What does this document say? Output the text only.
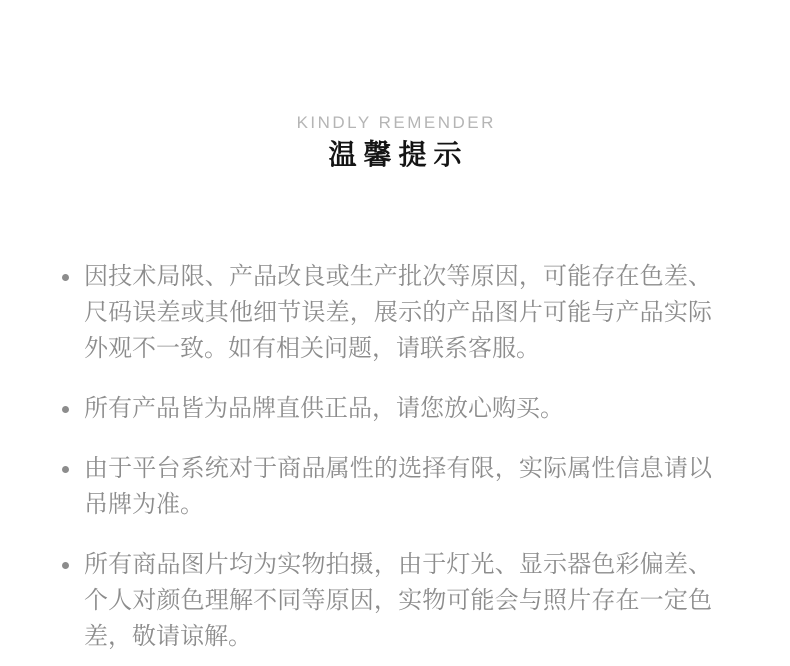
KINDLY REMENDER
温馨提示
因技术局限、产品改良或生产批次等原因，可能存在色差、尺码误差或其他细节误差，展示的产品图片可能与产品实际外观不一致。如有相关问题，请联系客服。
所有产品皆为品牌直供正品，请您放心购买。
由于平台系统对于商品属性的选择有限，实际属性信息请以吊牌为准。
所有商品图片均为实物拍摄，由于灯光、显示器色彩偏差、个人对颜色理解不同等原因，实物可能会与照片存在一定色差，敬请谅解。
